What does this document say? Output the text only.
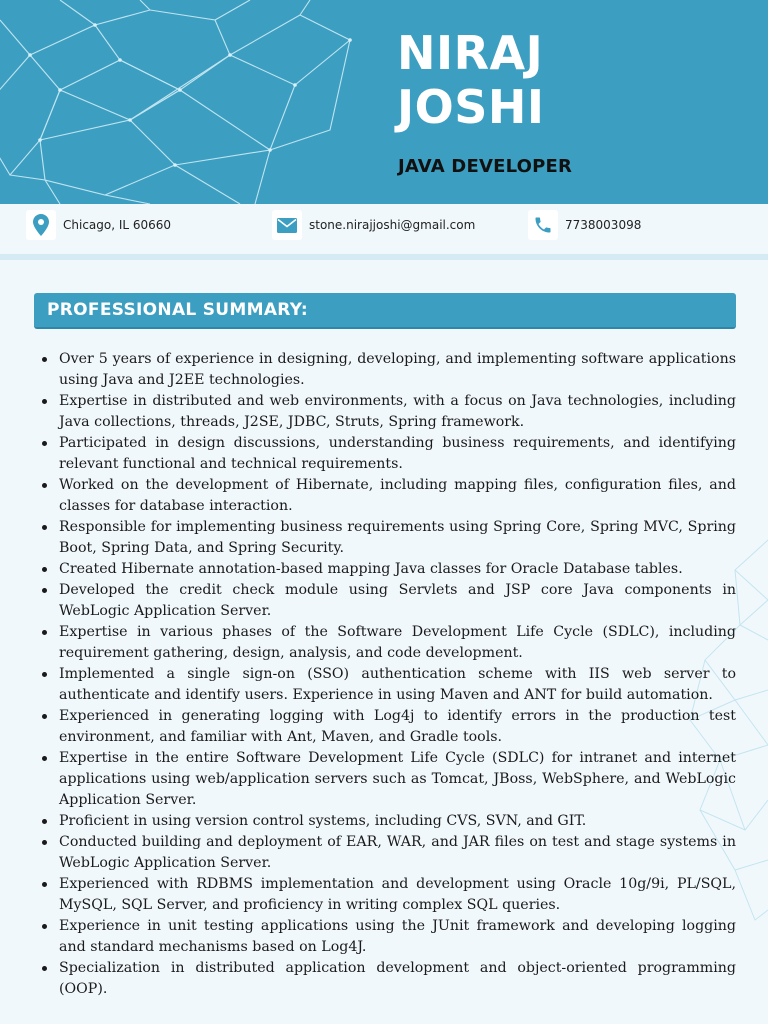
NIRAJ
JOSHI
JAVA DEVELOPER
Chicago, IL 60660	stone.nirajjoshi@gmail.com	7738003098
PROFESSIONAL SUMMARY:
Over 5 years of experience in designing, developing, and implementing software applications using Java and J2EE technologies.
Expertise in distributed and web environments, with a focus on Java technologies, including Java collections, threads, J2SE, JDBC, Struts, Spring framework.
Participated in design discussions, understanding business requirements, and identifying relevant functional and technical requirements.
Worked on the development of Hibernate, including mapping files, configuration files, and classes for database interaction.
Responsible for implementing business requirements using Spring Core, Spring MVC, Spring Boot, Spring Data, and Spring Security.
Created Hibernate annotation-based mapping Java classes for Oracle Database tables.
Developed the credit check module using Servlets and JSP core Java components in WebLogic Application Server.
Expertise in various phases of the Software Development Life Cycle (SDLC), including requirement gathering, design, analysis, and code development.
Implemented a single sign-on (SSO) authentication scheme with IIS web server to authenticate and identify users. Experience in using Maven and ANT for build automation.
Experienced in generating logging with Log4j to identify errors in the production test environment, and familiar with Ant, Maven, and Gradle tools.
Expertise in the entire Software Development Life Cycle (SDLC) for intranet and internet applications using web/application servers such as Tomcat, JBoss, WebSphere, and WebLogic Application Server.
Proficient in using version control systems, including CVS, SVN, and GIT.
Conducted building and deployment of EAR, WAR, and JAR files on test and stage systems in WebLogic Application Server.
Experienced with RDBMS implementation and development using Oracle 10g/9i, PL/SQL, MySQL, SQL Server, and proficiency in writing complex SQL queries.
Experience in unit testing applications using the JUnit framework and developing logging and standard mechanisms based on Log4J.
Specialization in distributed application development and object-oriented programming (OOP).
